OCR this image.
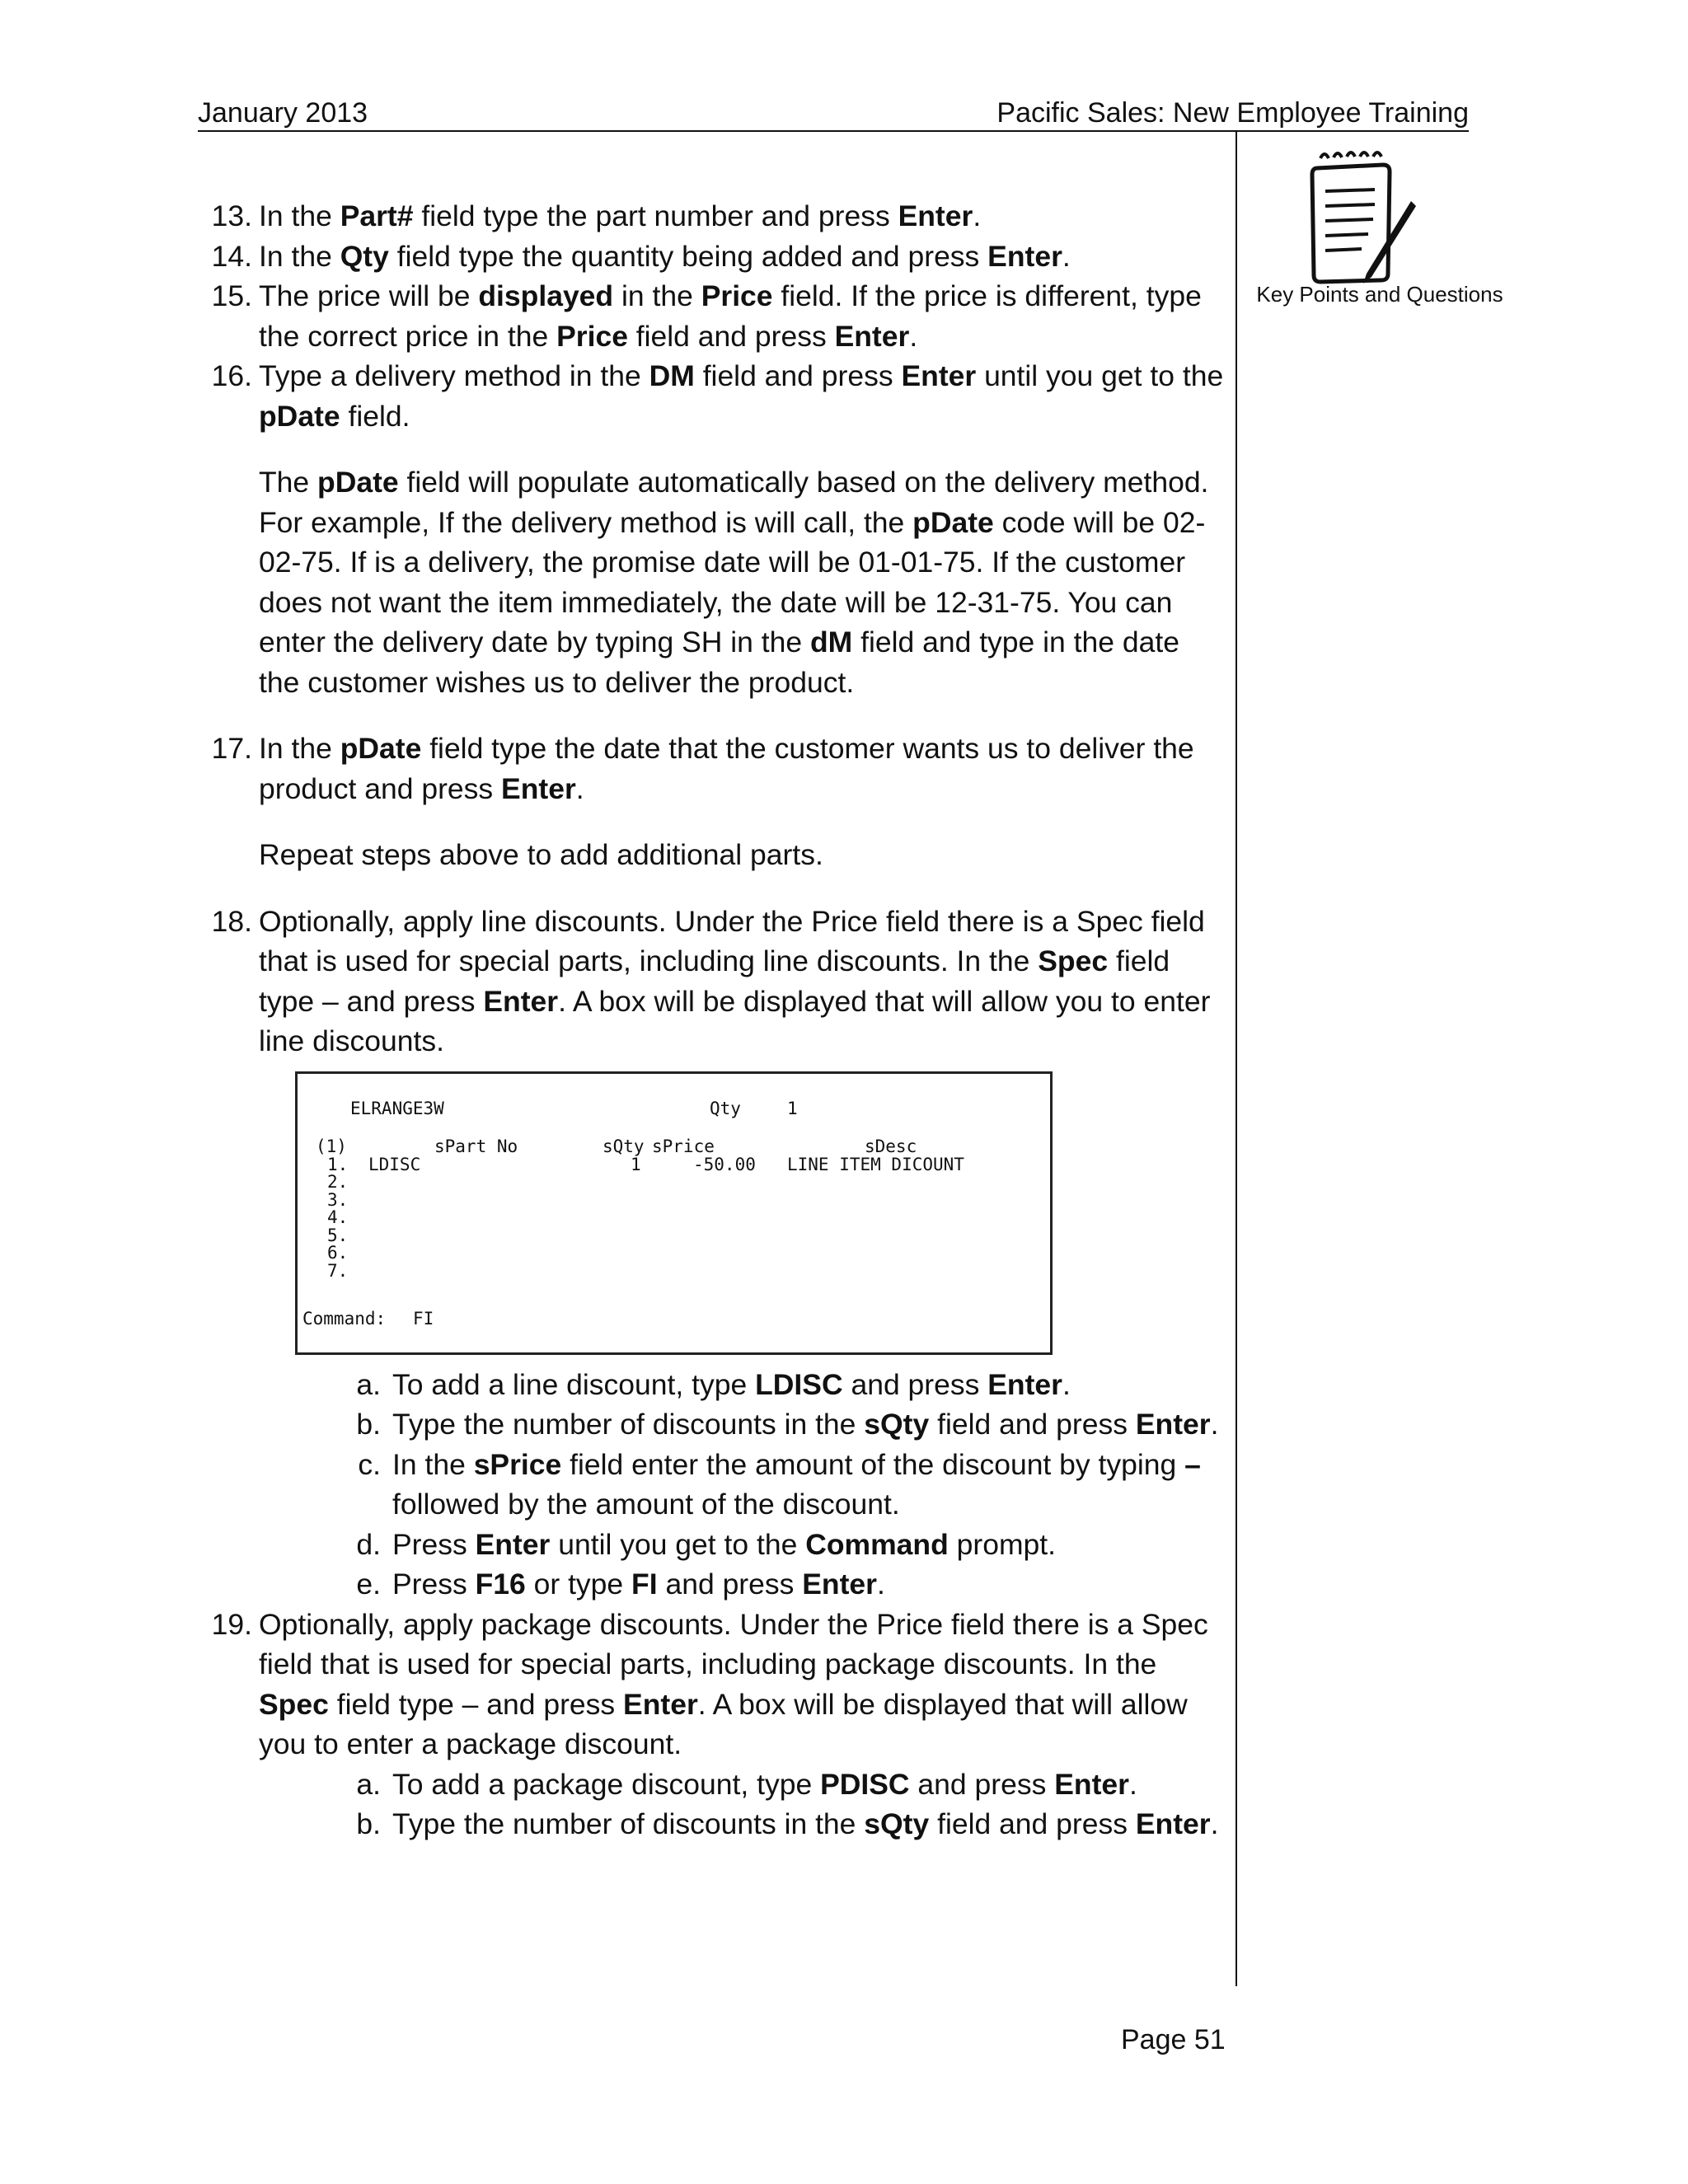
January 2013	Pacific Sales: New Employee Training
Key Points and Questions

13. In the Part# field type the part number and press Enter.

14. In the Qty field type the quantity being added and press Enter.

15. The price will be displayed in the Price field. If the price is different, type the correct price in the Price field and press Enter.

16. Type a delivery method in the DM field and press Enter until you get to the pDate field.

The pDate field will populate automatically based on the delivery method. For example, If the delivery method is will call, the pDate code will be 02-02-75. If is a delivery, the promise date will be 01-01-75. If the customer does not want the item immediately, the date will be 12-31-75. You can enter the delivery date by typing SH in the dM field and type in the date the customer wishes us to deliver the product.

17. In the pDate field type the date that the customer wants us to deliver the product and press Enter.

Repeat steps above to add additional parts.

18. Optionally, apply line discounts. Under the Price field there is a Spec field that is used for special parts, including line discounts. In the Spec field type – and press Enter. A box will be displayed that will allow you to enter line discounts.

ELRANGE3W	Qty	1
(1)	sPart No	sQty sPrice	sDesc
1. LDISC	1	-50.00 LINE ITEM DICOUNT
2.
3.
4.
5.
6.
7.
Command: FI

a. To add a line discount, type LDISC and press Enter.

b. Type the number of discounts in the sQty field and press Enter.

c. In the sPrice field enter the amount of the discount by typing – followed by the amount of the discount.

d. Press Enter until you get to the Command prompt.

e. Press F16 or type FI and press Enter.

19. Optionally, apply package discounts. Under the Price field there is a Spec field that is used for special parts, including package discounts. In the Spec field type – and press Enter. A box will be displayed that will allow you to enter a package discount.

a. To add a package discount, type PDISC and press Enter.

b. Type the number of discounts in the sQty field and press Enter.

Page 51
